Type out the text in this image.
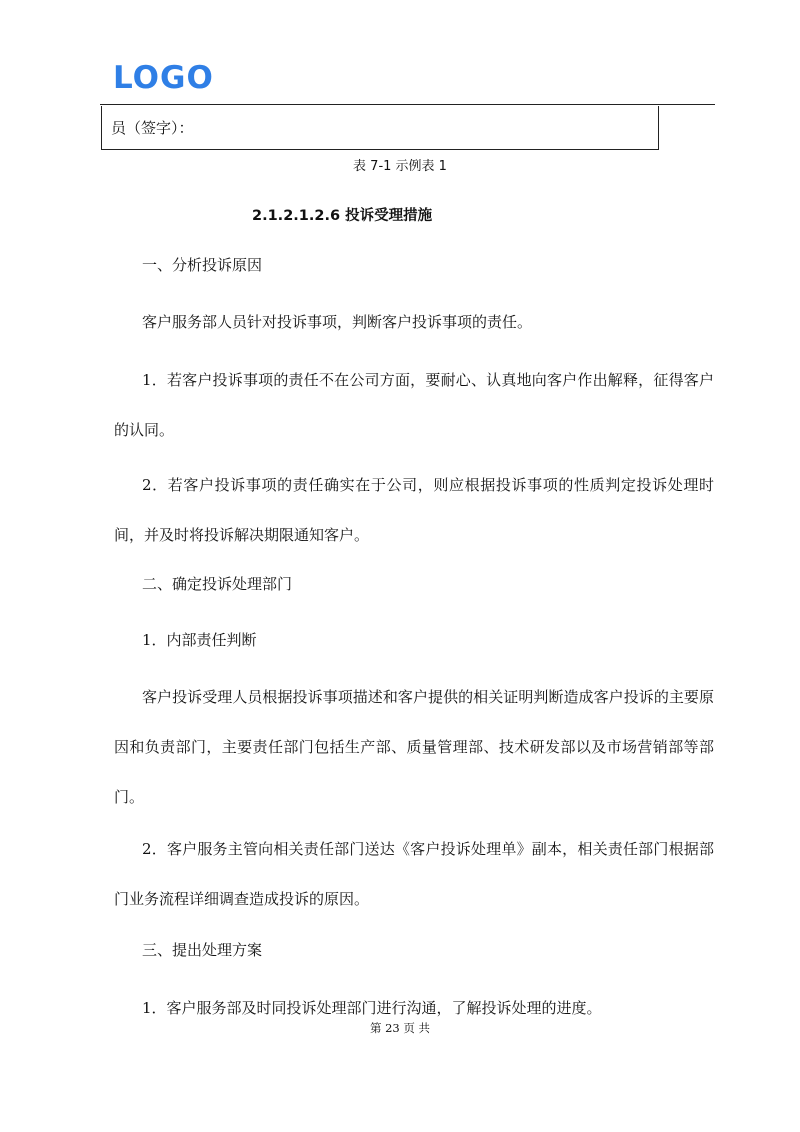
LOGO
员（签字）：
表 7-1 示例表 1
2.1.2.1.2.6 投诉受理措施
一、分析投诉原因
客户服务部人员针对投诉事项，判断客户投诉事项的责任。
1．若客户投诉事项的责任不在公司方面，要耐心、认真地向客户作出解释，征得客户的认同。
2．若客户投诉事项的责任确实在于公司，则应根据投诉事项的性质判定投诉处理时间，并及时将投诉解决期限通知客户。
二、确定投诉处理部门
1．内部责任判断
客户投诉受理人员根据投诉事项描述和客户提供的相关证明判断造成客户投诉的主要原因和负责部门，主要责任部门包括生产部、质量管理部、技术研发部以及市场营销部等部门。
2．客户服务主管向相关责任部门送达《客户投诉处理单》副本，相关责任部门根据部门业务流程详细调查造成投诉的原因。
三、提出处理方案
1．客户服务部及时同投诉处理部门进行沟通，了解投诉处理的进度。
第 23 页 共
